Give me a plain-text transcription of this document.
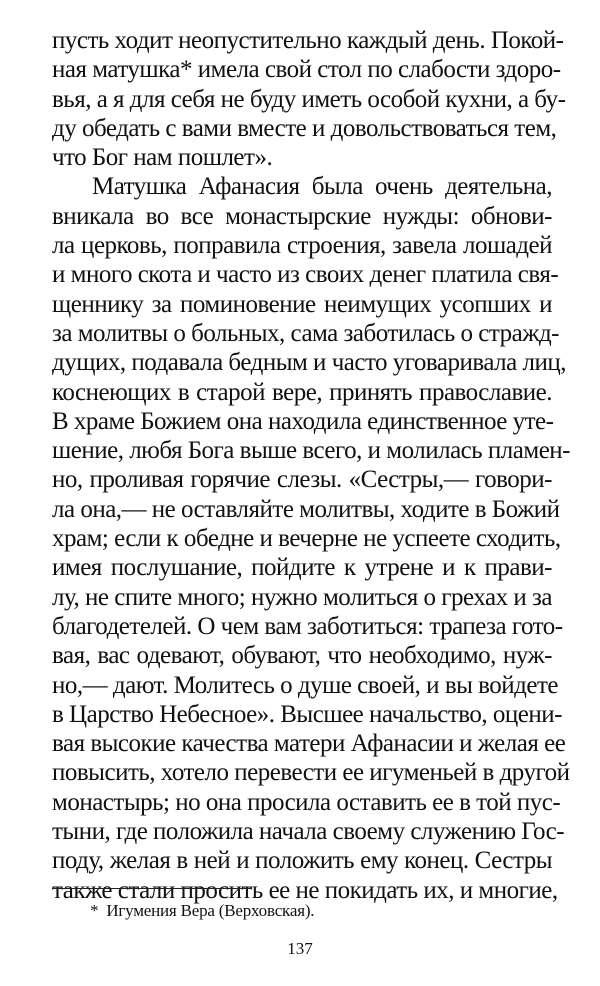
пусть ходит неопустительно каждый день. Покой-
ная матушка* имела свой стол по слабости здоро-
вья, а я для себя не буду иметь особой кухни, а бу-
ду обедать с вами вместе и довольствоваться тем,
что Бог нам пошлет».
Матушка Афанасия была очень деятельна,
вникала во все монастырские нужды: обнови-
ла церковь, поправила строения, завела лошадей
и много скота и часто из своих денег платила свя-
щеннику за поминовение неимущих усопших и
за молитвы о больных, сама заботилась о стражд-
дущих, подавала бедным и часто уговаривала лиц,
коснеющих в старой вере, принять православие.
В храме Божием она находила единственное уте-
шение, любя Бога выше всего, и молилась пламен-
но, проливая горячие слезы. «Сестры,— говори-
ла она,— не оставляйте молитвы, ходите в Божий
храм; если к обедне и вечерне не успеете сходить,
имея послушание, пойдите к утрене и к прави-
лу, не спите много; нужно молиться о грехах и за
благодетелей. О чем вам заботиться: трапеза гото-
вая, вас одевают, обувают, что необходимо, нуж-
но,— дают. Молитесь о душе своей, и вы войдете
в Царство Небесное». Высшее начальство, оцени-
вая высокие качества матери Афанасии и желая ее
повысить, хотело перевести ее игуменьей в другой
монастырь; но она просила оставить ее в той пус-
тыни, где положила начала своему служению Гос-
поду, желая в ней и положить ему конец. Сестры
также стали просить ее не покидать их, и многие,
* Игумения Вера (Верховская).
137
